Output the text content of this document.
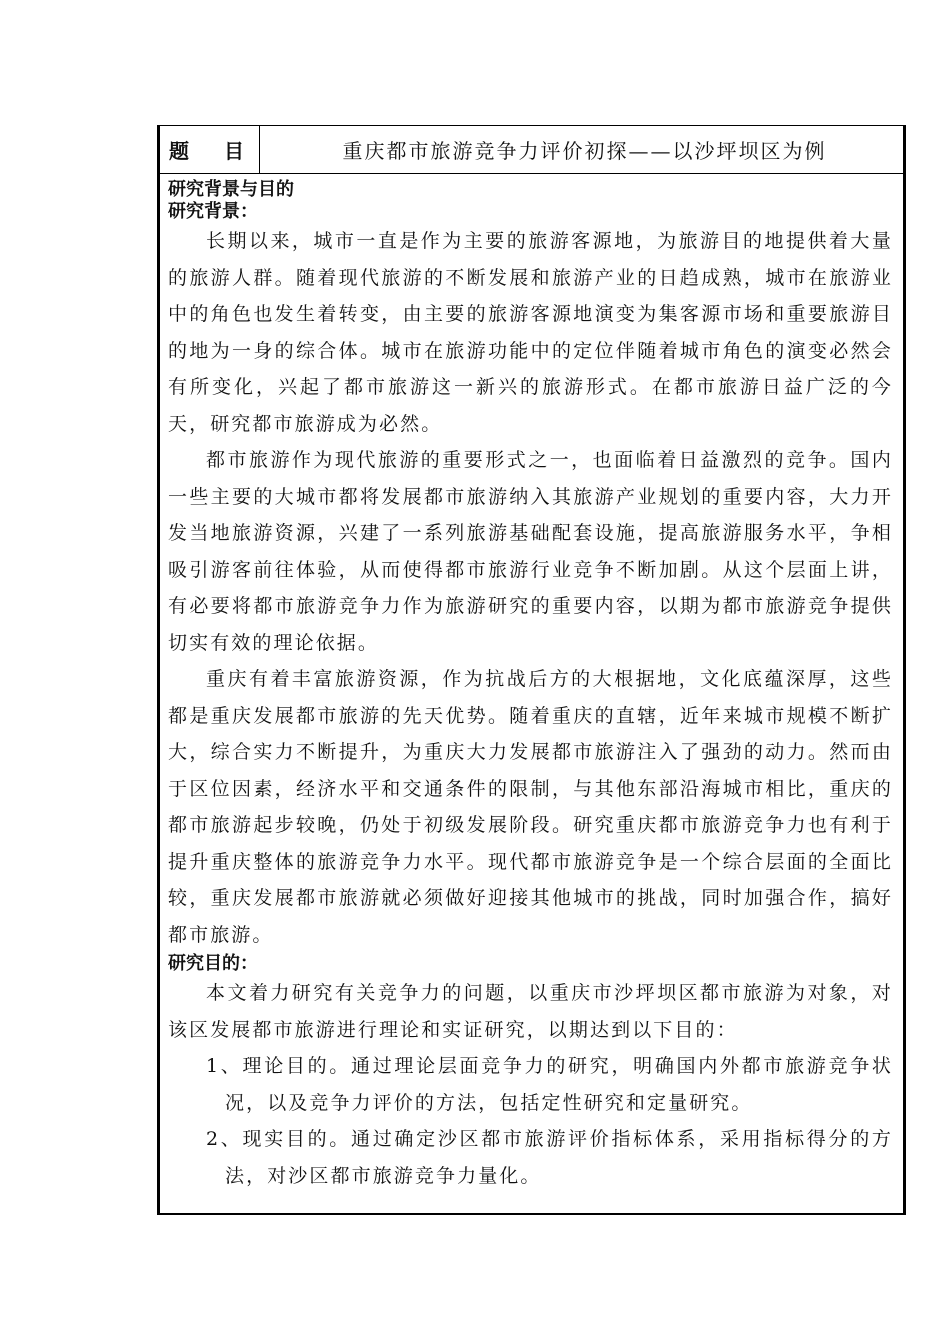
题 目	重庆都市旅游竞争力评价初探——以沙坪坝区为例

研究背景与目的

研究背景：

长期以来，城市一直是作为主要的旅游客源地，为旅游目的地提供着大量的旅游人群。随着现代旅游的不断发展和旅游产业的日趋成熟，城市在旅游业中的角色也发生着转变，由主要的旅游客源地演变为集客源市场和重要旅游目的地为一身的综合体。城市在旅游功能中的定位伴随着城市角色的演变必然会有所变化，兴起了都市旅游这一新兴的旅游形式。在都市旅游日益广泛的今天，研究都市旅游成为必然。

都市旅游作为现代旅游的重要形式之一，也面临着日益激烈的竞争。国内一些主要的大城市都将发展都市旅游纳入其旅游产业规划的重要内容，大力开发当地旅游资源，兴建了一系列旅游基础配套设施，提高旅游服务水平，争相吸引游客前往体验，从而使得都市旅游行业竞争不断加剧。从这个层面上讲，有必要将都市旅游竞争力作为旅游研究的重要内容，以期为都市旅游竞争提供切实有效的理论依据。

重庆有着丰富旅游资源，作为抗战后方的大根据地，文化底蕴深厚，这些都是重庆发展都市旅游的先天优势。随着重庆的直辖，近年来城市规模不断扩大，综合实力不断提升，为重庆大力发展都市旅游注入了强劲的动力。然而由于区位因素，经济水平和交通条件的限制，与其他东部沿海城市相比，重庆的都市旅游起步较晚，仍处于初级发展阶段。研究重庆都市旅游竞争力也有利于提升重庆整体的旅游竞争力水平。现代都市旅游竞争是一个综合层面的全面比较，重庆发展都市旅游就必须做好迎接其他城市的挑战，同时加强合作，搞好都市旅游。

研究目的：

本文着力研究有关竞争力的问题，以重庆市沙坪坝区都市旅游为对象，对该区发展都市旅游进行理论和实证研究，以期达到以下目的：

1、理论目的。通过理论层面竞争力的研究，明确国内外都市旅游竞争状况，以及竞争力评价的方法，包括定性研究和定量研究。

2、现实目的。通过确定沙区都市旅游评价指标体系，采用指标得分的方法，对沙区都市旅游竞争力量化。
